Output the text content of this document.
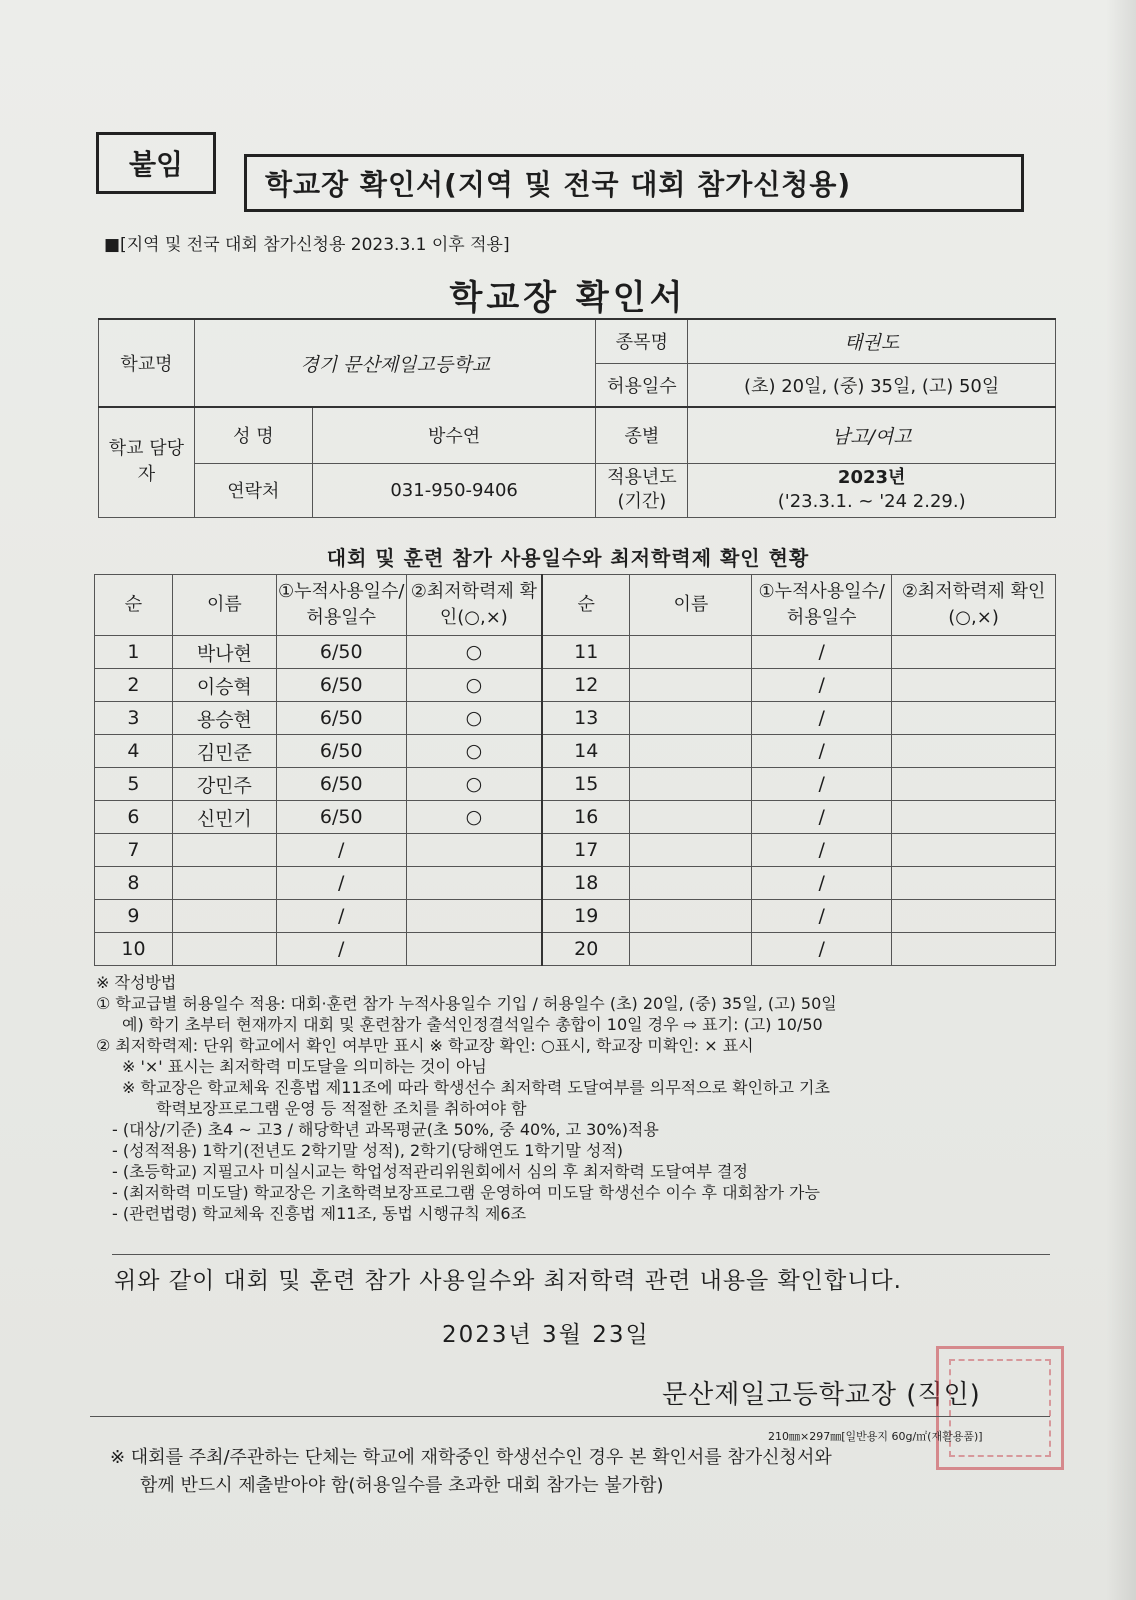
붙임
학교장 확인서(지역 및 전국 대회 참가신청용)
■[지역 및 전국 대회 참가신청용 2023.3.1 이후 적용]
학교장 확인서
학교명	경기 문산제일고등학교		종목명	태권도
			허용일수	(초) 20일, (중) 35일, (고) 50일
학교 담당자	성 명	방수연	종별	남고/여고
	연락처	031-950-9406	적용년도 (기간)	2023년
('23.3.1. ~ '24 2.29.)
대회 및 훈련 참가 사용일수와 최저학력제 확인 현황
순	이름	①누적사용일수/허용일수	②최저학력제 확인(○,×)	순	이름	①누적사용일수/허용일수	②최저학력제 확인(○,×)
1	박나현	6/50	○	11		/	
2	이승혁	6/50	○	12		/	
3	용승현	6/50	○	13		/	
4	김민준	6/50	○	14		/	
5	강민주	6/50	○	15		/	
6	신민기	6/50	○	16		/	
7		/		17		/	
8		/		18		/	
9		/		19		/	
10		/		20		/	

※ 작성방법

① 학교급별 허용일수 적용: 대회·훈련 참가 누적사용일수 기입 / 허용일수 (초) 20일, (중) 35일, (고) 50일

예) 학기 초부터 현재까지 대회 및 훈련참가 출석인정결석일수 총합이 10일 경우 ⇨ 표기: (고) 10/50

② 최저학력제: 단위 학교에서 확인 여부만 표시 ※ 학교장 확인: ○표시, 학교장 미확인: × 표시

※ '×' 표시는 최저학력 미도달을 의미하는 것이 아님

※ 학교장은 학교체육 진흥법 제11조에 따라 학생선수 최저학력 도달여부를 의무적으로 확인하고 기초

학력보장프로그램 운영 등 적절한 조치를 취하여야 함

- (대상/기준) 초4 ~ 고3 / 해당학년 과목평균(초 50%, 중 40%, 고 30%)적용

- (성적적용) 1학기(전년도 2학기말 성적), 2학기(당해연도 1학기말 성적)

- (초등학교) 지필고사 미실시교는 학업성적관리위원회에서 심의 후 최저학력 도달여부 결정

- (최저학력 미도달) 학교장은 기초학력보장프로그램 운영하여 미도달 학생선수 이수 후 대회참가 가능

- (관련법령) 학교체육 진흥법 제11조, 동법 시행규칙 제6조

위와 같이 대회 및 훈련 참가 사용일수와 최저학력 관련 내용을 확인합니다.
2023년 3월 23일
문산제일고등학교장 (직인)
210㎜×297㎜[일반용지 60g/㎡(재활용품)]

※ 대회를 주최/주관하는 단체는 학교에 재학중인 학생선수인 경우 본 확인서를 참가신청서와

함께 반드시 제출받아야 함(허용일수를 초과한 대회 참가는 불가함)
